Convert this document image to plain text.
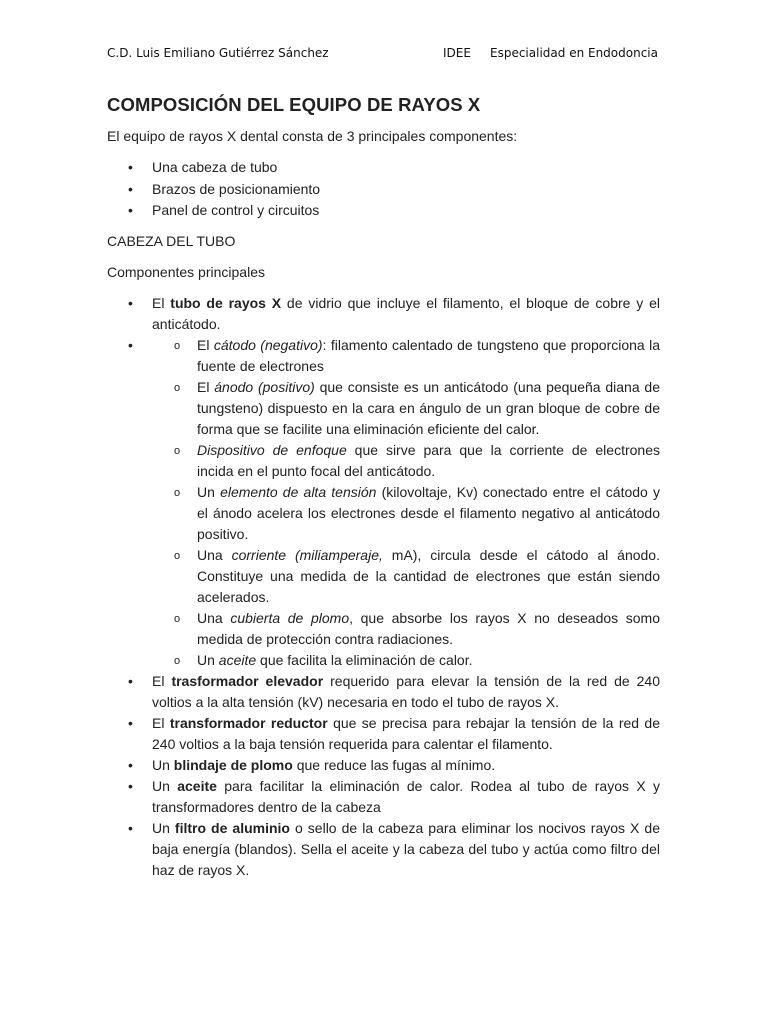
C.D. Luis Emiliano Gutiérrez Sánchez	IDEE Especialidad en Endodoncia
COMPOSICIÓN DEL EQUIPO DE RAYOS X

El equipo de rayos X dental consta de 3 principales componentes:

• Una cabeza de tubo
• Brazos de posicionamiento
• Panel de control y circuitos

CABEZA DEL TUBO

Componentes principales

• El tubo de rayos X de vidrio que incluye el filamento, el bloque de cobre y el anticátodo.
o • El cátodo (negativo): filamento calentado de tungsteno que proporciona la fuente de electrones
o El ánodo (positivo) que consiste es un anticátodo (una pequeña diana de tungsteno) dispuesto en la cara en ángulo de un gran bloque de cobre de forma que se facilite una eliminación eficiente del calor.
o Dispositivo de enfoque que sirve para que la corriente de electrones incida en el punto focal del anticátodo.
o Un elemento de alta tensión (kilovoltaje, Kv) conectado entre el cátodo y el ánodo acelera los electrones desde el filamento negativo al anticátodo positivo.
o Una corriente (miliamperaje, mA), circula desde el cátodo al ánodo. Constituye una medida de la cantidad de electrones que están siendo acelerados.
o Una cubierta de plomo, que absorbe los rayos X no deseados somo medida de protección contra radiaciones.
o Un aceite que facilita la eliminación de calor.
• El trasformador elevador requerido para elevar la tensión de la red de 240 voltios a la alta tensión (kV) necesaria en todo el tubo de rayos X.
• El transformador reductor que se precisa para rebajar la tensión de la red de 240 voltios a la baja tensión requerida para calentar el filamento.
• Un blindaje de plomo que reduce las fugas al mínimo.
• Un aceite para facilitar la eliminación de calor. Rodea al tubo de rayos X y transformadores dentro de la cabeza
• Un filtro de aluminio o sello de la cabeza para eliminar los nocivos rayos X de baja energía (blandos). Sella el aceite y la cabeza del tubo y actúa como filtro del haz de rayos X.
